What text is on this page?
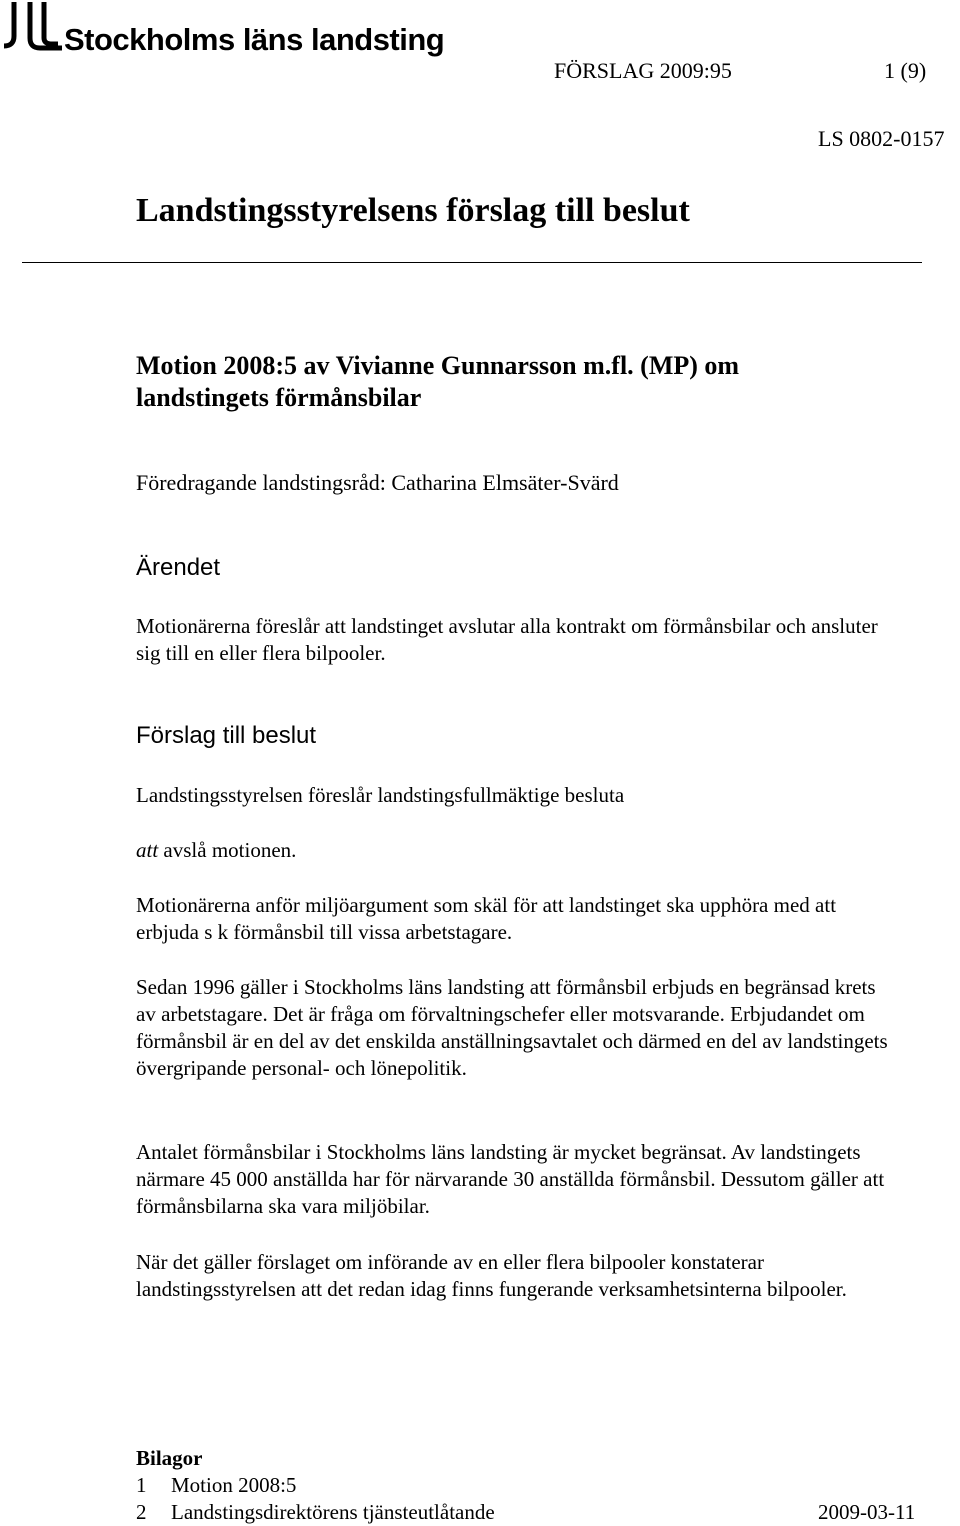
Stockholms läns landsting
FÖRSLAG 2009:95	1 (9)
LS 0802-0157
Landstingsstyrelsens förslag till beslut
Motion 2008:5 av Vivianne Gunnarsson m.fl. (MP) om
landstingets förmånsbilar
Föredragande landstingsråd: Catharina Elmsäter-Svärd
Ärendet
Motionärerna föreslår att landstinget avslutar alla kontrakt om förmånsbilar och ansluter sig till en eller flera bilpooler.
Förslag till beslut
Landstingsstyrelsen föreslår landstingsfullmäktige besluta
att avslå motionen.
Motionärerna anför miljöargument som skäl för att landstinget ska upphöra med att erbjuda s k förmånsbil till vissa arbetstagare.
Sedan 1996 gäller i Stockholms läns landsting att förmånsbil erbjuds en begränsad krets av arbetstagare. Det är fråga om förvaltningschefer eller motsvarande. Erbjudandet om förmånsbil är en del av det enskilda anställningsavtalet och därmed en del av landstingets övergripande personal- och lönepolitik.
Antalet förmånsbilar i Stockholms läns landsting är mycket begränsat. Av landstingets närmare 45 000 anställda har för närvarande 30 anställda förmånsbil. Dessutom gäller att förmånsbilarna ska vara miljöbilar.
När det gäller förslaget om införande av en eller flera bilpooler konstaterar landstingsstyrelsen att det redan idag finns fungerande verksamhetsinterna bilpooler.
Bilagor
1 Motion 2008:5
2 Landstingsdirektörens tjänsteutlåtande	2009-03-11
